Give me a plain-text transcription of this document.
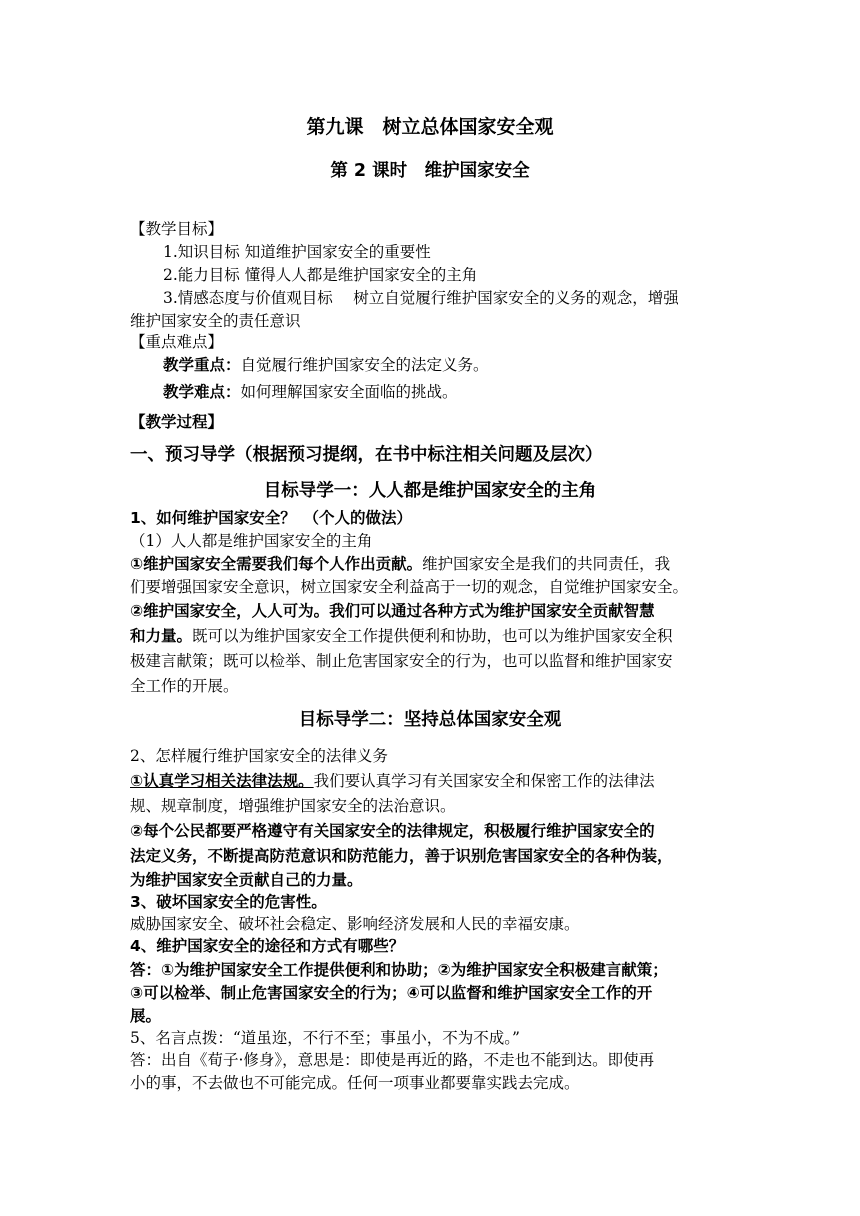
第九课　树立总体国家安全观
第 2 课时　维护国家安全
【教学目标】
1.知识目标 知道维护国家安全的重要性
2.能力目标 懂得人人都是维护国家安全的主角
3.情感态度与价值观目标　 树立自觉履行维护国家安全的义务的观念，增强
维护国家安全的责任意识
【重点难点】
教学重点：自觉履行维护国家安全的法定义务。
教学难点：如何理解国家安全面临的挑战。
【教学过程】
一、预习导学（根据预习提纲，在书中标注相关问题及层次）
目标导学一：人人都是维护国家安全的主角
1、如何维护国家安全？　（个人的做法）
（1）人人都是维护国家安全的主角
①维护国家安全需要我们每个人作出贡献。维护国家安全是我们的共同责任，我
们要增强国家安全意识，树立国家安全利益高于一切的观念，自觉维护国家安全。
②维护国家安全，人人可为。我们可以通过各种方式为维护国家安全贡献智慧
和力量。既可以为维护国家安全工作提供便利和协助，也可以为维护国家安全积
极建言献策；既可以检举、制止危害国家安全的行为，也可以监督和维护国家安
全工作的开展。
目标导学二：坚持总体国家安全观
2、怎样履行维护国家安全的法律义务
①认真学习相关法律法规。我们要认真学习有关国家安全和保密工作的法律法
规、规章制度，增强维护国家安全的法治意识。
②每个公民都要严格遵守有关国家安全的法律规定，积极履行维护国家安全的
法定义务，不断提高防范意识和防范能力，善于识别危害国家安全的各种伪装，
为维护国家安全贡献自己的力量。
3、破坏国家安全的危害性。
威胁国家安全、破坏社会稳定、影响经济发展和人民的幸福安康。
4、维护国家安全的途径和方式有哪些？
答：①为维护国家安全工作提供便利和协助；②为维护国家安全积极建言献策；
③可以检举、制止危害国家安全的行为；④可以监督和维护国家安全工作的开
展。
5、名言点拨：“道虽迩，不行不至；事虽小，不为不成。”
答：出自《荀子·修身》，意思是：即使是再近的路，不走也不能到达。即使再
小的事，不去做也不可能完成。任何一项事业都要靠实践去完成。
